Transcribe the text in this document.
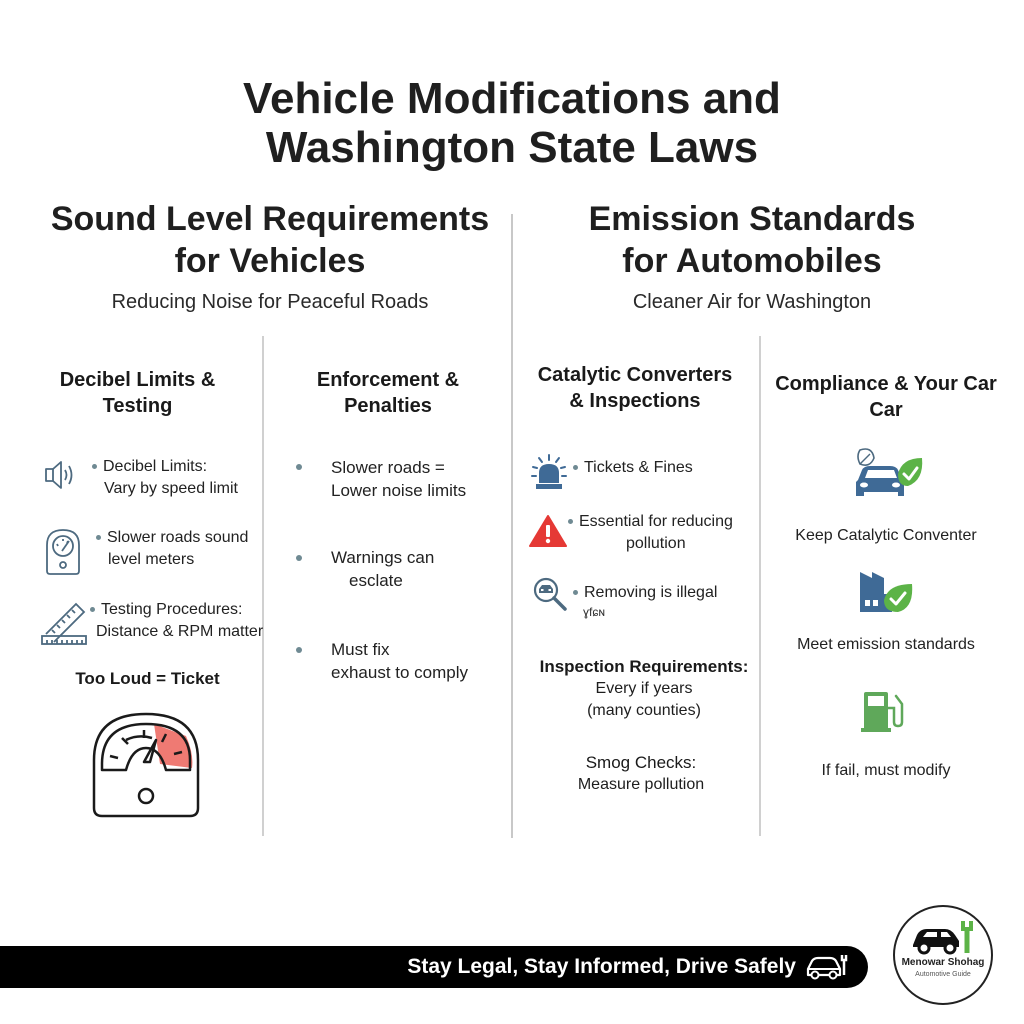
Vehicle Modifications and
Washington State Laws
Sound Level Requirements
for Vehicles
Reducing Noise for Peaceful Roads
Emission Standards
for Automobiles
Cleaner Air for Washington
Decibel Limits &
Testing
Decibel Limits:
Vary by speed limit
Slower roads sound
level meters
Testing Procedures:
Distance & RPM matter
Too Loud = Ticket
Enforcement &
Penalties
Slower roads =
Lower noise limits
Warnings can
esclate
Must fix
exhaust to comply
Catalytic Converters
& Inspections
Tickets & Fines
Essential for reducing
pollution
Removing is illegal
ɣfɕɴ
Inspection Requirements:
Every if years
(many counties)
Smog Checks:
Measure pollution
Compliance & Your Car
Car
Keep Catalytic Conventer
Meet emission standards
If fail, must modify
Stay Legal, Stay Informed, Drive Safely	Menowar Shohag
Automotive Guide
